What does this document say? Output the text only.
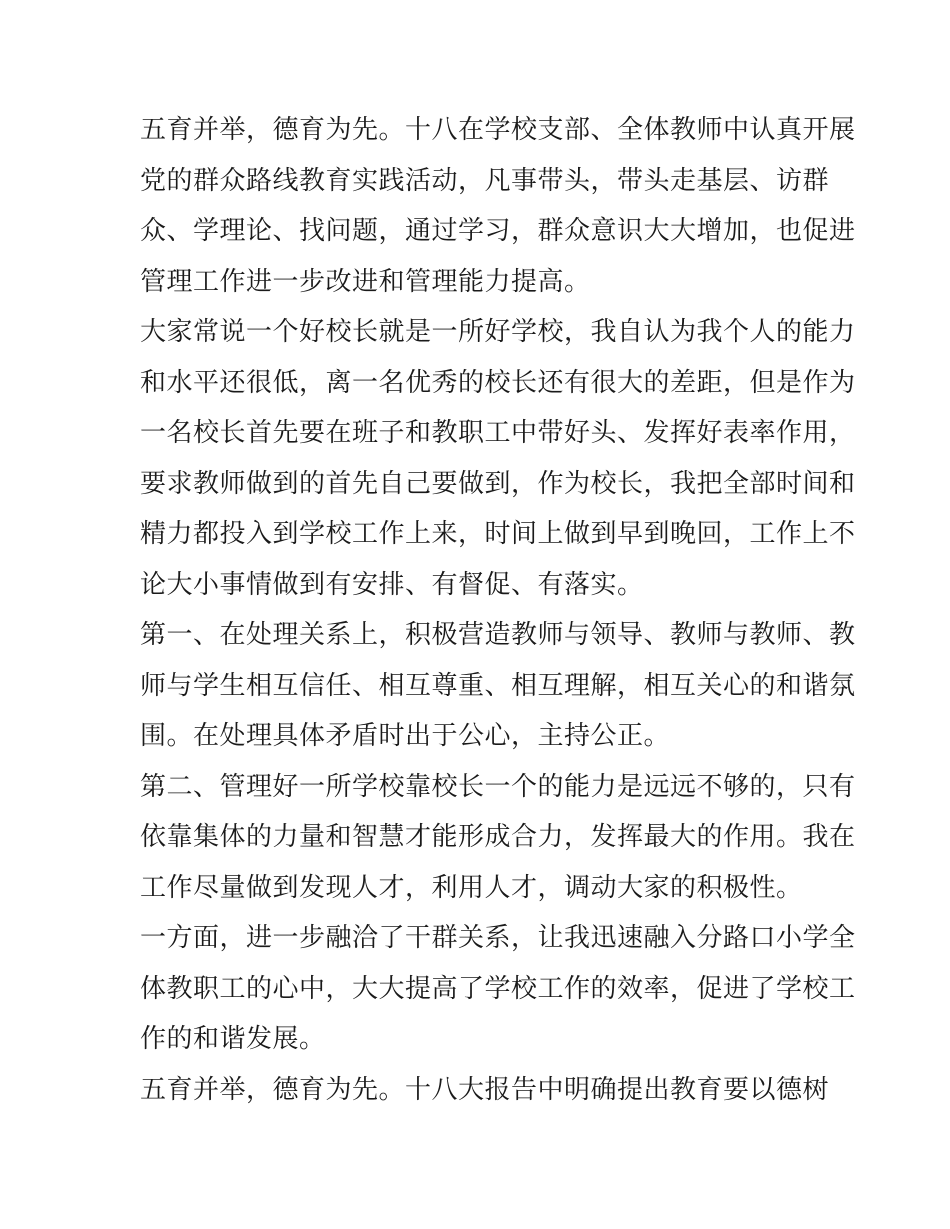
五育并举，德育为先。十八在学校支部、全体教师中认真开展

党的群众路线教育实践活动，凡事带头，带头走基层、访群

众、学理论、找问题，通过学习，群众意识大大增加，也促进

管理工作进一步改进和管理能力提高。

大家常说一个好校长就是一所好学校，我自认为我个人的能力

和水平还很低，离一名优秀的校长还有很大的差距，但是作为

一名校长首先要在班子和教职工中带好头、发挥好表率作用，

要求教师做到的首先自己要做到，作为校长，我把全部时间和

精力都投入到学校工作上来，时间上做到早到晚回，工作上不

论大小事情做到有安排、有督促、有落实。

第一、在处理关系上，积极营造教师与领导、教师与教师、教

师与学生相互信任、相互尊重、相互理解，相互关心的和谐氛

围。在处理具体矛盾时出于公心，主持公正。

第二、管理好一所学校靠校长一个的能力是远远不够的，只有

依靠集体的力量和智慧才能形成合力，发挥最大的作用。我在

工作尽量做到发现人才，利用人才，调动大家的积极性。

一方面，进一步融洽了干群关系，让我迅速融入分路口小学全

体教职工的心中，大大提高了学校工作的效率，促进了学校工

作的和谐发展。

五育并举，德育为先。十八大报告中明确提出教育要以德树
